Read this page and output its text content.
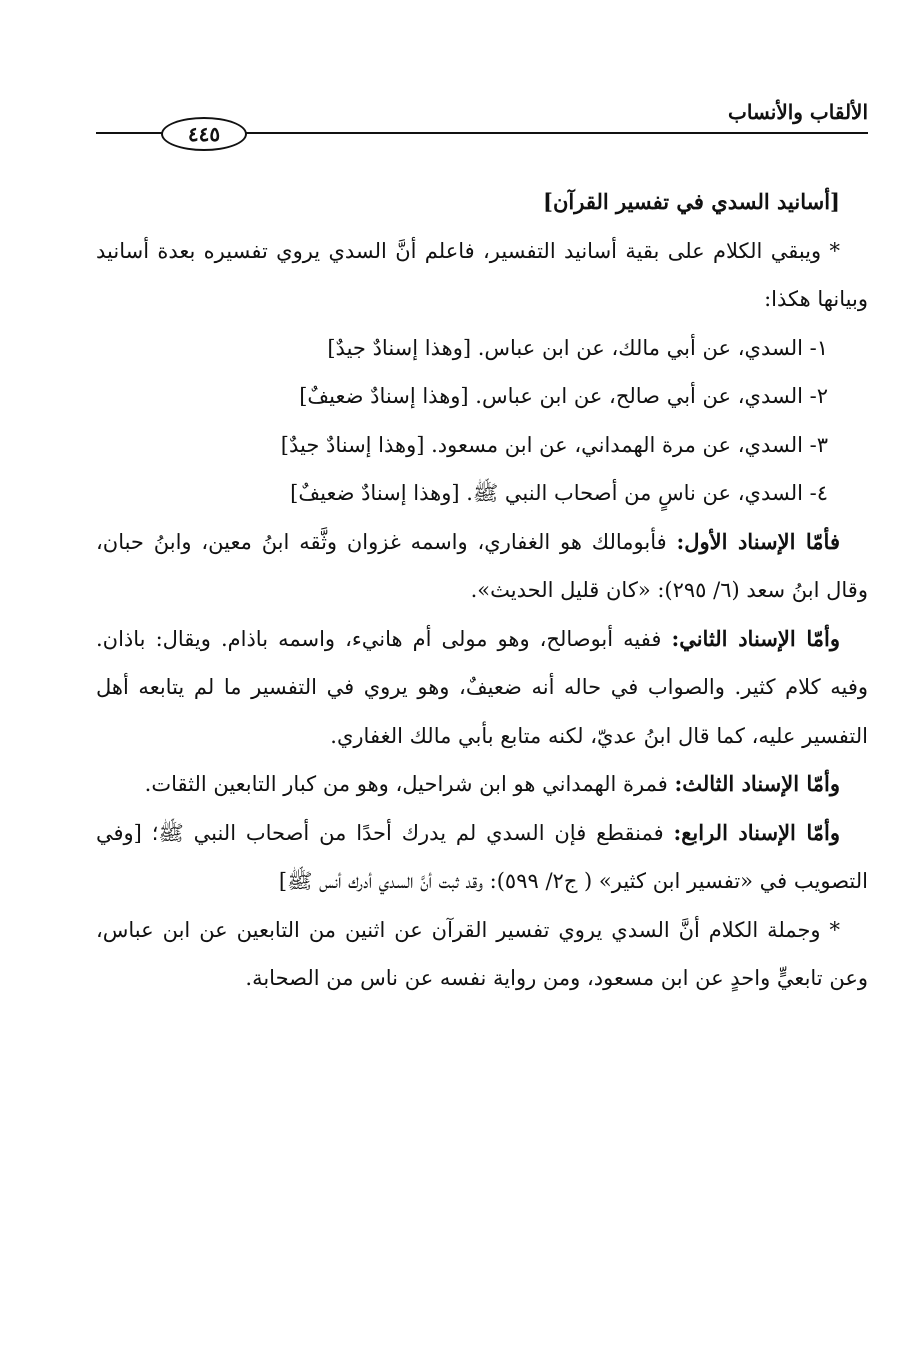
الألقاب والأنساب
٤٤٥

[أسانيد السدي في تفسير القرآن]

* ويبقي الكلام على بقية أسانيد التفسير، فاعلم أنَّ السدي يروي تفسيره بعدة أسانيد وبيانها هكذا:

١- السدي، عن أبي مالك، عن ابن عباس. [وهذا إسنادٌ جيدٌ]

٢- السدي، عن أبي صالح، عن ابن عباس. [وهذا إسنادٌ ضعيفٌ]

٣- السدي، عن مرة الهمداني، عن ابن مسعود. [وهذا إسنادٌ جيدٌ]

٤- السدي، عن ناسٍ من أصحاب النبي ﷺ. [وهذا إسنادٌ ضعيفٌ]

فأمّا الإسناد الأول: فأبومالك هو الغفاري، واسمه غزوان وثَّقه ابنُ معين، وابنُ حبان، وقال ابنُ سعد (٦/ ٢٩٥): «كان قليل الحديث».

وأمّا الإسناد الثاني: ففيه أبوصالح، وهو مولى أم هانيء، واسمه باذام. ويقال: باذان. وفيه كلام كثير. والصواب في حاله أنه ضعيفٌ، وهو يروي في التفسير ما لم يتابعه أهل التفسير عليه، كما قال ابنُ عديّ، لكنه متابع بأبي مالك الغفاري.

وأمّا الإسناد الثالث: فمرة الهمداني هو ابن شراحيل، وهو من كبار التابعين الثقات.

وأمّا الإسناد الرابع: فمنقطع فإن السدي لم يدرك أحدًا من أصحاب النبي ﷺ؛ [وفي التصويب في «تفسير ابن كثير» ( ج٢/ ٥٩٩): وقد ثبت أنَّ السدي أدرك أنس ﷺ]

* وجملة الكلام أنَّ السدي يروي تفسير القرآن عن اثنين من التابعين عن ابن عباس، وعن تابعيٍّ واحدٍ عن ابن مسعود، ومن رواية نفسه عن ناس من الصحابة.
